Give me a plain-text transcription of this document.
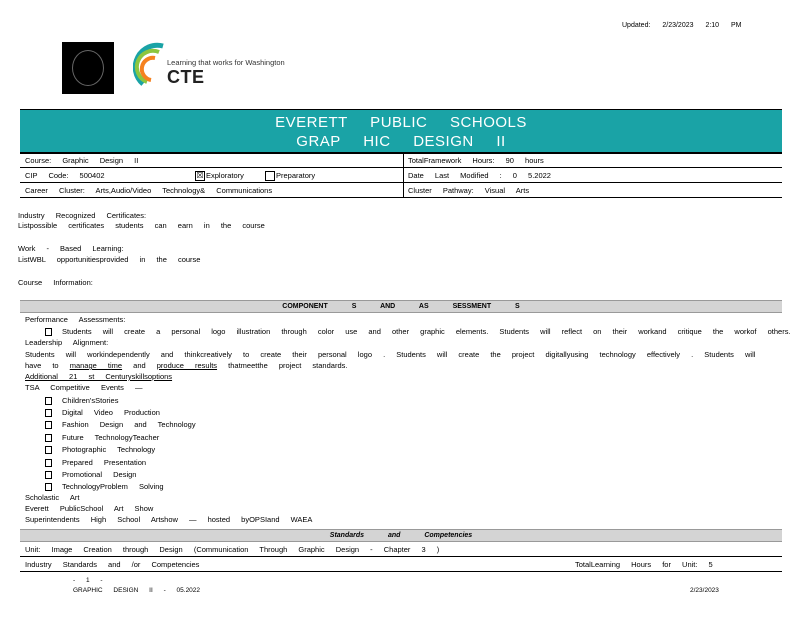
Updated: 2/23/2023 2:10 PM
Learning that works for Washington
CTE
EVERETT PUBLIC SCHOOLS
GRAP HIC DESIGN II
Course: Graphic Design II	TotalFramework Hours: 90 hours
CIP Code: 500402	☒ Exploratory	Preparatory	Date Last Modified : 0 5.2022
Career Cluster: Arts,Audio/Video Technology& Communications	Cluster Pathway: Visual Arts
Industry Recognized Certificates:
Listpossible certificates students can earn in the course
Work - Based Learning:
ListWBL opportunitiesprovided in the course
Course Information:
COMPONENT S AND AS SESSMENT S
Performance Assessments:
Students will create a personal logo illustration through color use and other graphic elements. Students will reflect on their workand critique the workof others.
Leadership Alignment:
Students will workindependently and thinkcreatively to create their personal logo . Students will create the project digitallyusing technology effectively . Students will
have to manage time and produce results thatmeetthe project standards.
Additional 21 st Centuryskillsoptions
TSA Competitive Events —
Children'sStories
Digital Video Production
Fashion Design and Technology
Future TechnologyTeacher
Photographic Technology
Prepared Presentation
Promotional Design
TechnologyProblem Solving
Scholastic Art
Everett PublicSchool Art Show
Superintendents High School Artshow — hosted byOPSIand WAEA
Standards and Competencies
Unit: Image Creation through Design (Communication Through Graphic Design - Chapter 3 )
Industry Standards and /or Competencies	TotalLearning Hours for Unit: 5
- 1 -
GRAPHIC DESIGN II - 05.2022	2/23/2023
